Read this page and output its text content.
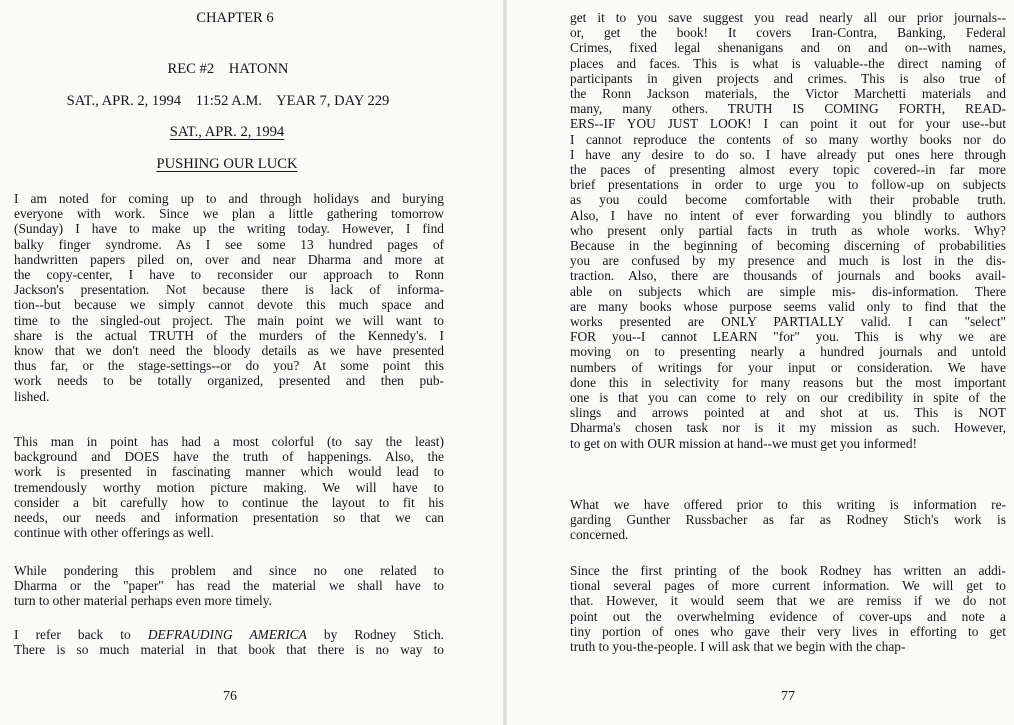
CHAPTER 6
REC #2    HATONN
SAT., APR. 2, 1994    11:52 A.M.    YEAR 7, DAY 229
SAT., APR. 2, 1994
PUSHING OUR LUCK
I am noted for coming up to and through holidays and burying
everyone with work. Since we plan a little gathering tomorrow
(Sunday) I have to make up the writing today. However, I find
balky finger syndrome. As I see some 13 hundred pages of
handwritten papers piled on, over and near Dharma and more at
the copy-center, I have to reconsider our approach to Ronn
Jackson's presentation. Not because there is lack of informa-
tion--but because we simply cannot devote this much space and
time to the singled-out project. The main point we will want to
share is the actual TRUTH of the murders of the Kennedy's. I
know that we don't need the bloody details as we have presented
thus far, or the stage-settings--or do you? At some point this
work needs to be totally organized, presented and then pub-
lished.
This man in point has had a most colorful (to say the least)
background and DOES have the truth of happenings. Also, the
work is presented in fascinating manner which would lead to
tremendously worthy motion picture making. We will have to
consider a bit carefully how to continue the layout to fit his
needs, our needs and information presentation so that we can
continue with other offerings as well.
While pondering this problem and since no one related to
Dharma or the "paper" has read the material we shall have to
turn to other material perhaps even more timely.
I refer back to DEFRAUDING AMERICA by Rodney Stich.
There is so much material in that book that there is no way to
76
get it to you save suggest you read nearly all our prior journals--
or, get the book! It covers Iran-Contra, Banking, Federal
Crimes, fixed legal shenanigans and on and on--with names,
places and faces. This is what is valuable--the direct naming of
participants in given projects and crimes. This is also true of
the Ronn Jackson materials, the Victor Marchetti materials and
many, many others. TRUTH IS COMING FORTH, READ-
ERS--IF YOU JUST LOOK! I can point it out for your use--but
I cannot reproduce the contents of so many worthy books nor do
I have any desire to do so. I have already put ones here through
the paces of presenting almost every topic covered--in far more
brief presentations in order to urge you to follow-up on subjects
as you could become comfortable with their probable truth.
Also, I have no intent of ever forwarding you blindly to authors
who present only partial facts in truth as whole works. Why?
Because in the beginning of becoming discerning of probabilities
you are confused by my presence and much is lost in the dis-
traction. Also, there are thousands of journals and books avail-
able on subjects which are simple mis- dis-information. There
are many books whose purpose seems valid only to find that the
works presented are ONLY PARTIALLY valid. I can "select"
FOR you--I cannot LEARN "for" you. This is why we are
moving on to presenting nearly a hundred journals and untold
numbers of writings for your input or consideration. We have
done this in selectivity for many reasons but the most important
one is that you can come to rely on our credibility in spite of the
slings and arrows pointed at and shot at us. This is NOT
Dharma's chosen task nor is it my mission as such. However,
to get on with OUR mission at hand--we must get you informed!
What we have offered prior to this writing is information re-
garding Gunther Russbacher as far as Rodney Stich's work is
concerned.
Since the first printing of the book Rodney has written an addi-
tional several pages of more current information. We will get to
that. However, it would seem that we are remiss if we do not
point out the overwhelming evidence of cover-ups and note a
tiny portion of ones who gave their very lives in efforting to get
truth to you-the-people. I will ask that we begin with the chap-
77
